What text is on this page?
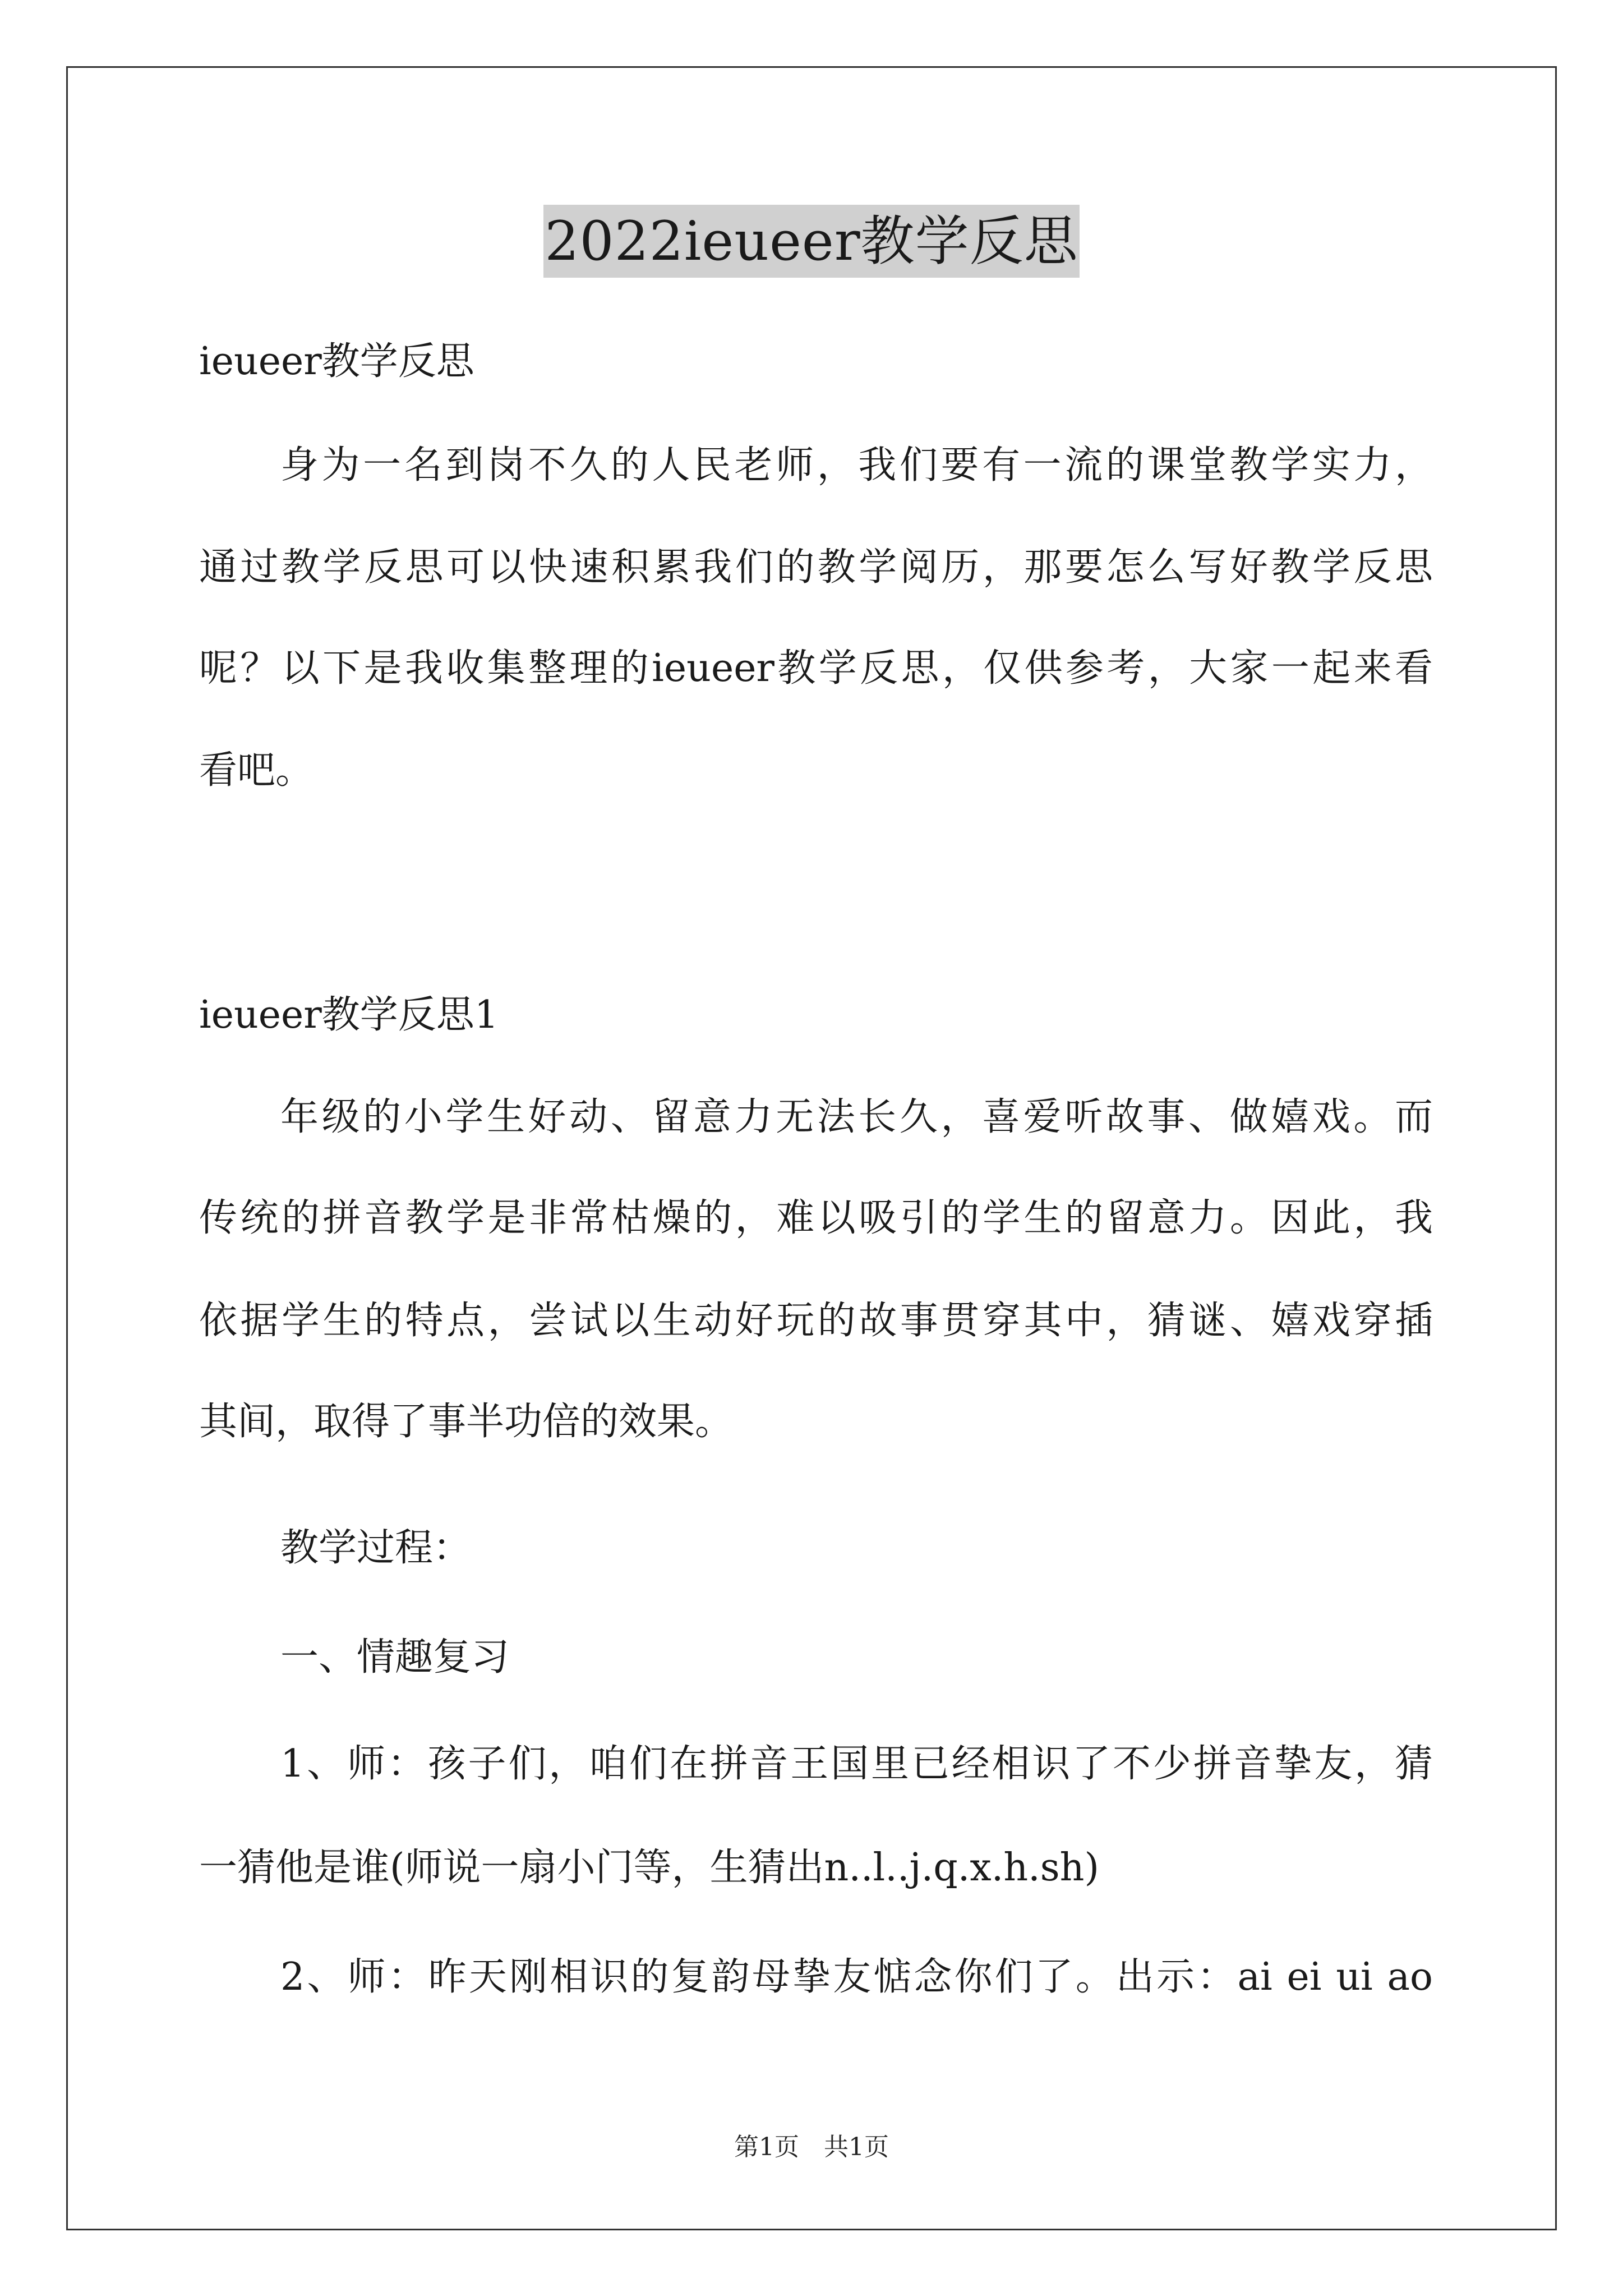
2022ieueer教学反思
ieueer教学反思
身为一名到岗不久的人民老师，我们要有一流的课堂教学实力，
通过教学反思可以快速积累我们的教学阅历，那要怎么写好教学反思
呢？以下是我收集整理的ieueer教学反思，仅供参考，大家一起来看
看吧。
ieueer教学反思1
年级的小学生好动、留意力无法长久，喜爱听故事、做嬉戏。而
传统的拼音教学是非常枯燥的，难以吸引的学生的留意力。因此，我
依据学生的特点，尝试以生动好玩的故事贯穿其中，猜谜、嬉戏穿插
其间，取得了事半功倍的效果。
教学过程：
一、情趣复习
1、师：孩子们，咱们在拼音王国里已经相识了不少拼音挚友，猜
一猜他是谁(师说一扇小门等，生猜出n..l..j.q.x.h.sh)
2、师：昨天刚相识的复韵母挚友惦念你们了。出示：ai ei ui ao
第1页　共1页
